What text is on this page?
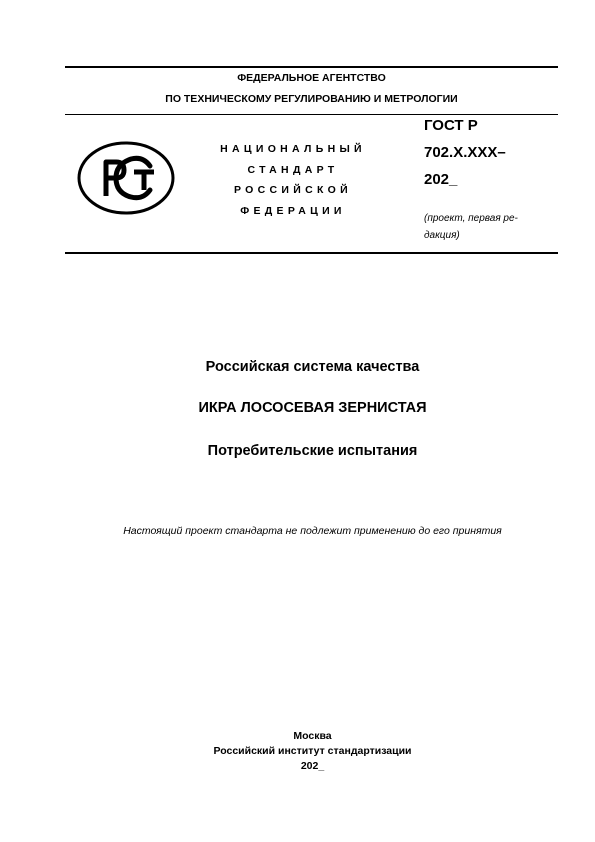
ФЕДЕРАЛЬНОЕ АГЕНТСТВО
ПО ТЕХНИЧЕСКОМУ РЕГУЛИРОВАНИЮ И МЕТРОЛОГИИ
НАЦИОНАЛЬНЫЙ
СТАНДАРТ
РОССИЙСКОЙ
ФЕДЕРАЦИИ
ГОСТ Р
702.X.XXX–
202_
(проект, первая ре-
дакция)
Российская система качества
ИКРА ЛОСОСЕВАЯ ЗЕРНИСТАЯ
Потребительские испытания
Настоящий проект стандарта не подлежит применению до его принятия
Москва
Российский институт стандартизации
202_
